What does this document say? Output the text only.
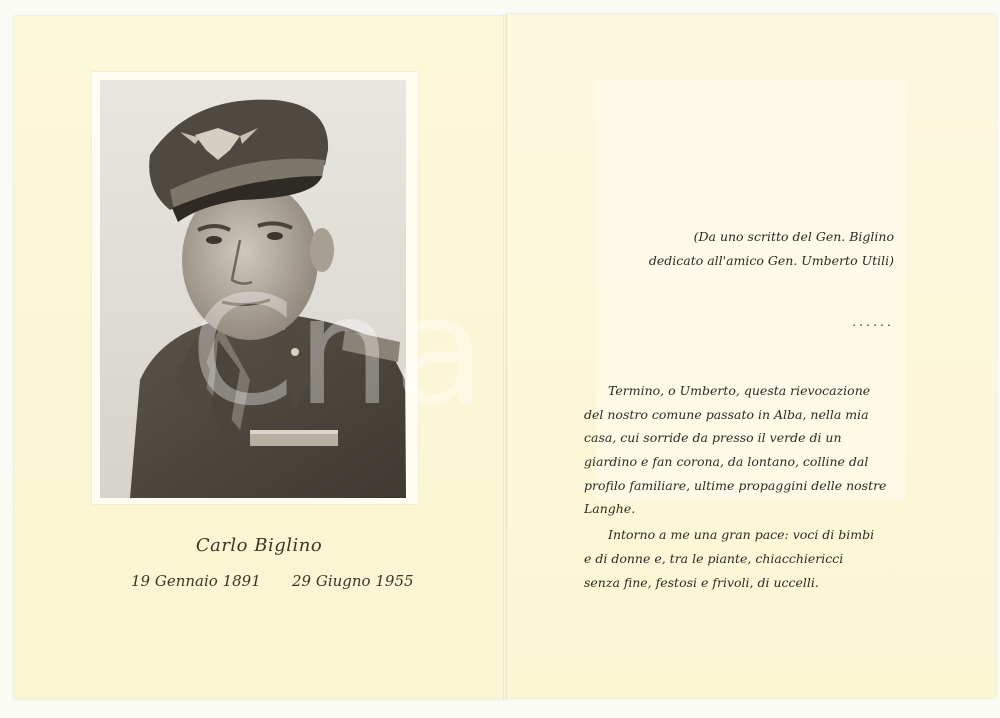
Cna
Carlo Biglino
19 Gennaio 1891 29 Giugno 1955
(Da uno scritto del Gen. Biglino
dedicato all'amico Gen. Umberto Utili)
......
Termino, o Umberto, questa rievocazione
del nostro comune passato in Alba, nella mia
casa, cui sorride da presso il verde di un
giardino e fan corona, da lontano, colline dal
profilo familiare, ultime propaggini delle nostre
Langhe.
Intorno a me una gran pace: voci di bimbi
e di donne e, tra le piante, chiacchiericci
senza fine, festosi e frivoli, di uccelli.
